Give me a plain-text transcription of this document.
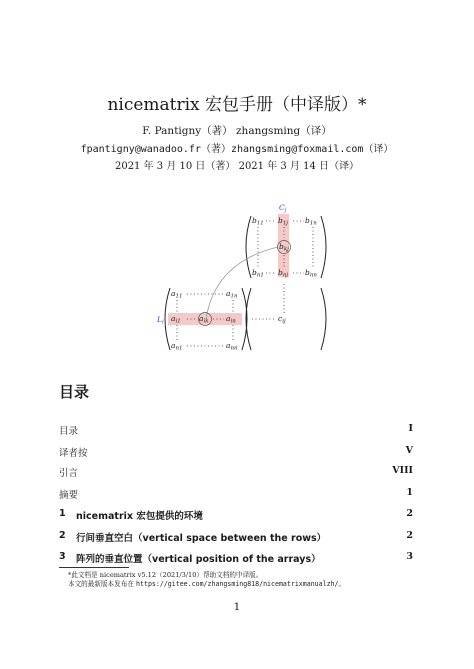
nicematrix 宏包手册（中译版）*
F. Pantigny（著） zhangsming（译）
fpantigny@wanadoo.fr（著）zhangsming@foxmail.com（译）
2021 年 3 月 10 日（著） 2021 年 3 月 14 日（译）
$C_j$
$L_i$
$b_{11}$ $b_{1j}$ $b_{1n}$
$b_{kj}$
$b_{n1}$ $b_{nj}$ $b_{nn}$
$a_{11}$	$a_{1n}$
$a_{i1}$ $a_{ik}$ $a_{in}$
$a_{n1}$	$a_{nn}$
$c_{ij}$
目录
目录	I
译者按	V
引言	VIII
摘要	1
1 nicematrix 宏包提供的环境	2
2 行间垂直空白（vertical space between the rows）	2
3 阵列的垂直位置（vertical position of the arrays）	3
*此文档是 nicematrix v5.12（2021/3/10）帮助文档的中译版。
本文的最新版本发布在 https://gitee.com/zhangsming818/nicematrixmanualzh/。
1
